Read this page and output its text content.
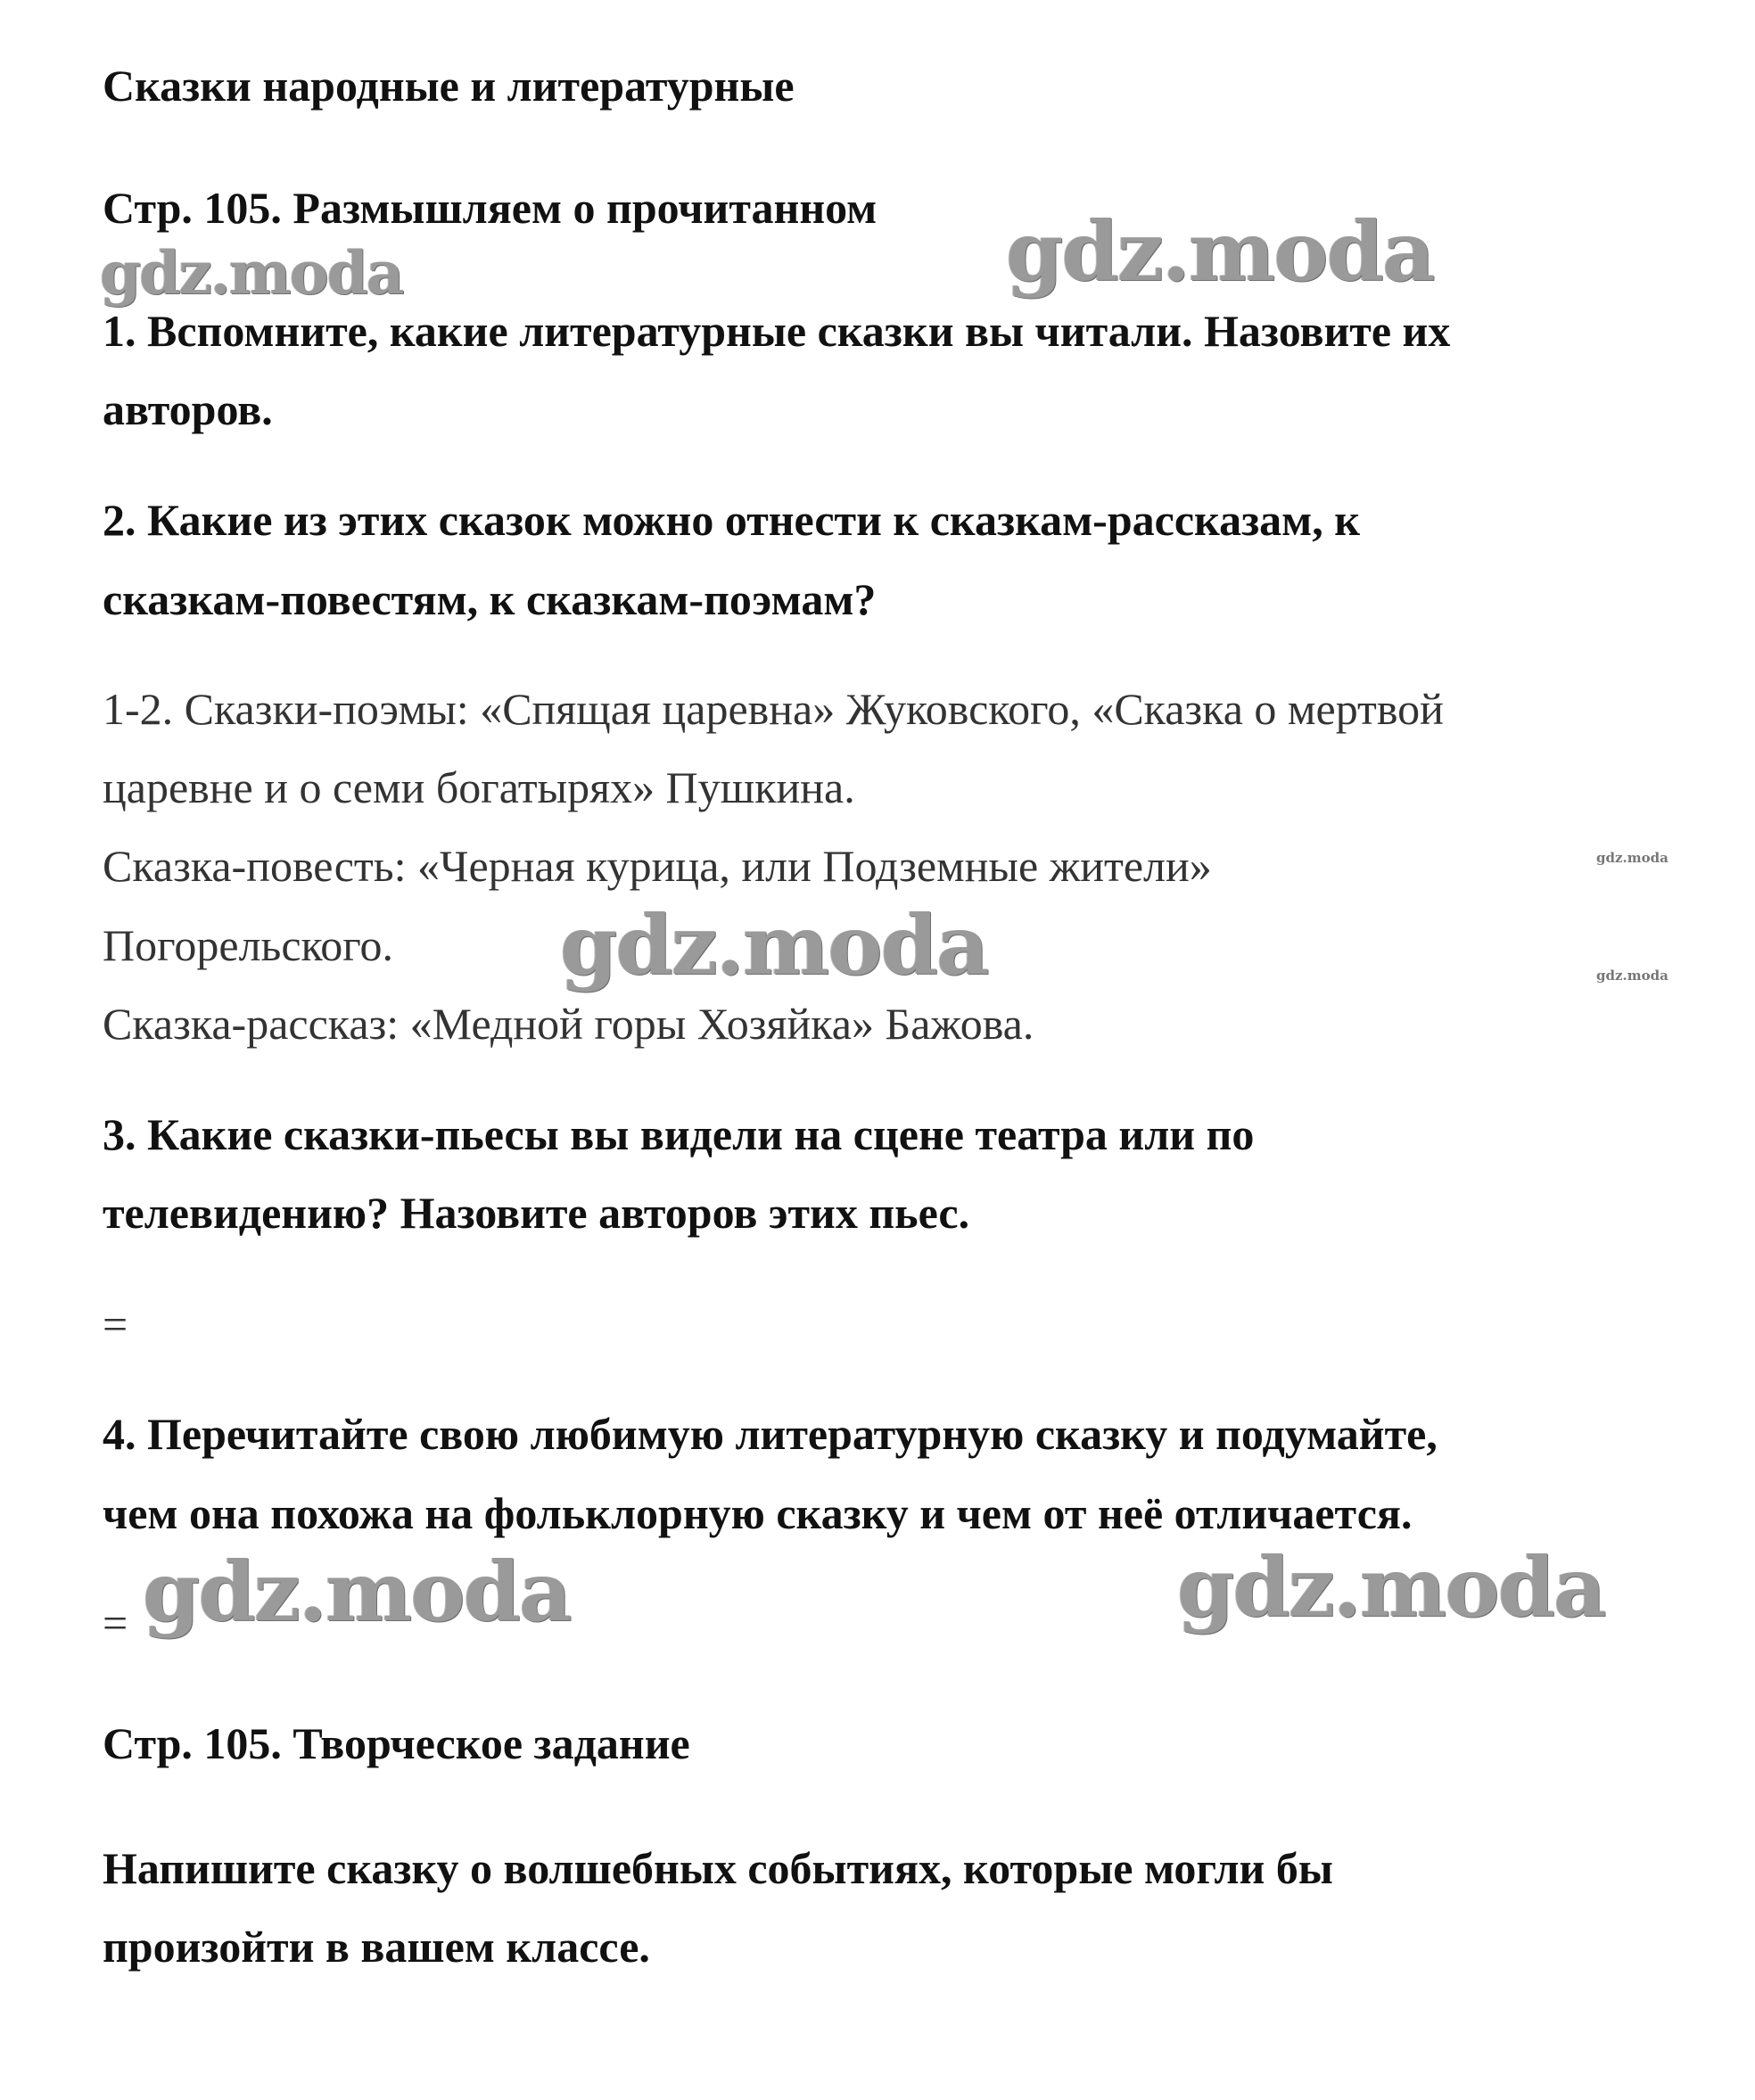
Сказки народные и литературные
Стр. 105. Размышляем о прочитанном
1. Вспомните, какие литературные сказки вы читали. Назовите их
авторов.
2. Какие из этих сказок можно отнести к сказкам-рассказам, к
сказкам-повестям, к сказкам-поэмам?
1-2. Сказки-поэмы: «Спящая царевна» Жуковского, «Сказка о мертвой
царевне и о семи богатырях» Пушкина.
Сказка-повесть: «Черная курица, или Подземные жители»
Погорельского.
Сказка-рассказ: «Медной горы Хозяйка» Бажова.
3. Какие сказки-пьесы вы видели на сцене театра или по
телевидению? Назовите авторов этих пьес.
=
4. Перечитайте свою любимую литературную сказку и подумайте,
чем она похожа на фольклорную сказку и чем от неё отличается.
=
Стр. 105. Творческое задание
Напишите сказку о волшебных событиях, которые могли бы
произойти в вашем классе.
gdz.moda	gdz.moda
gdz.moda
gdz.moda	gdz.moda
gdz.moda	gdz.moda
